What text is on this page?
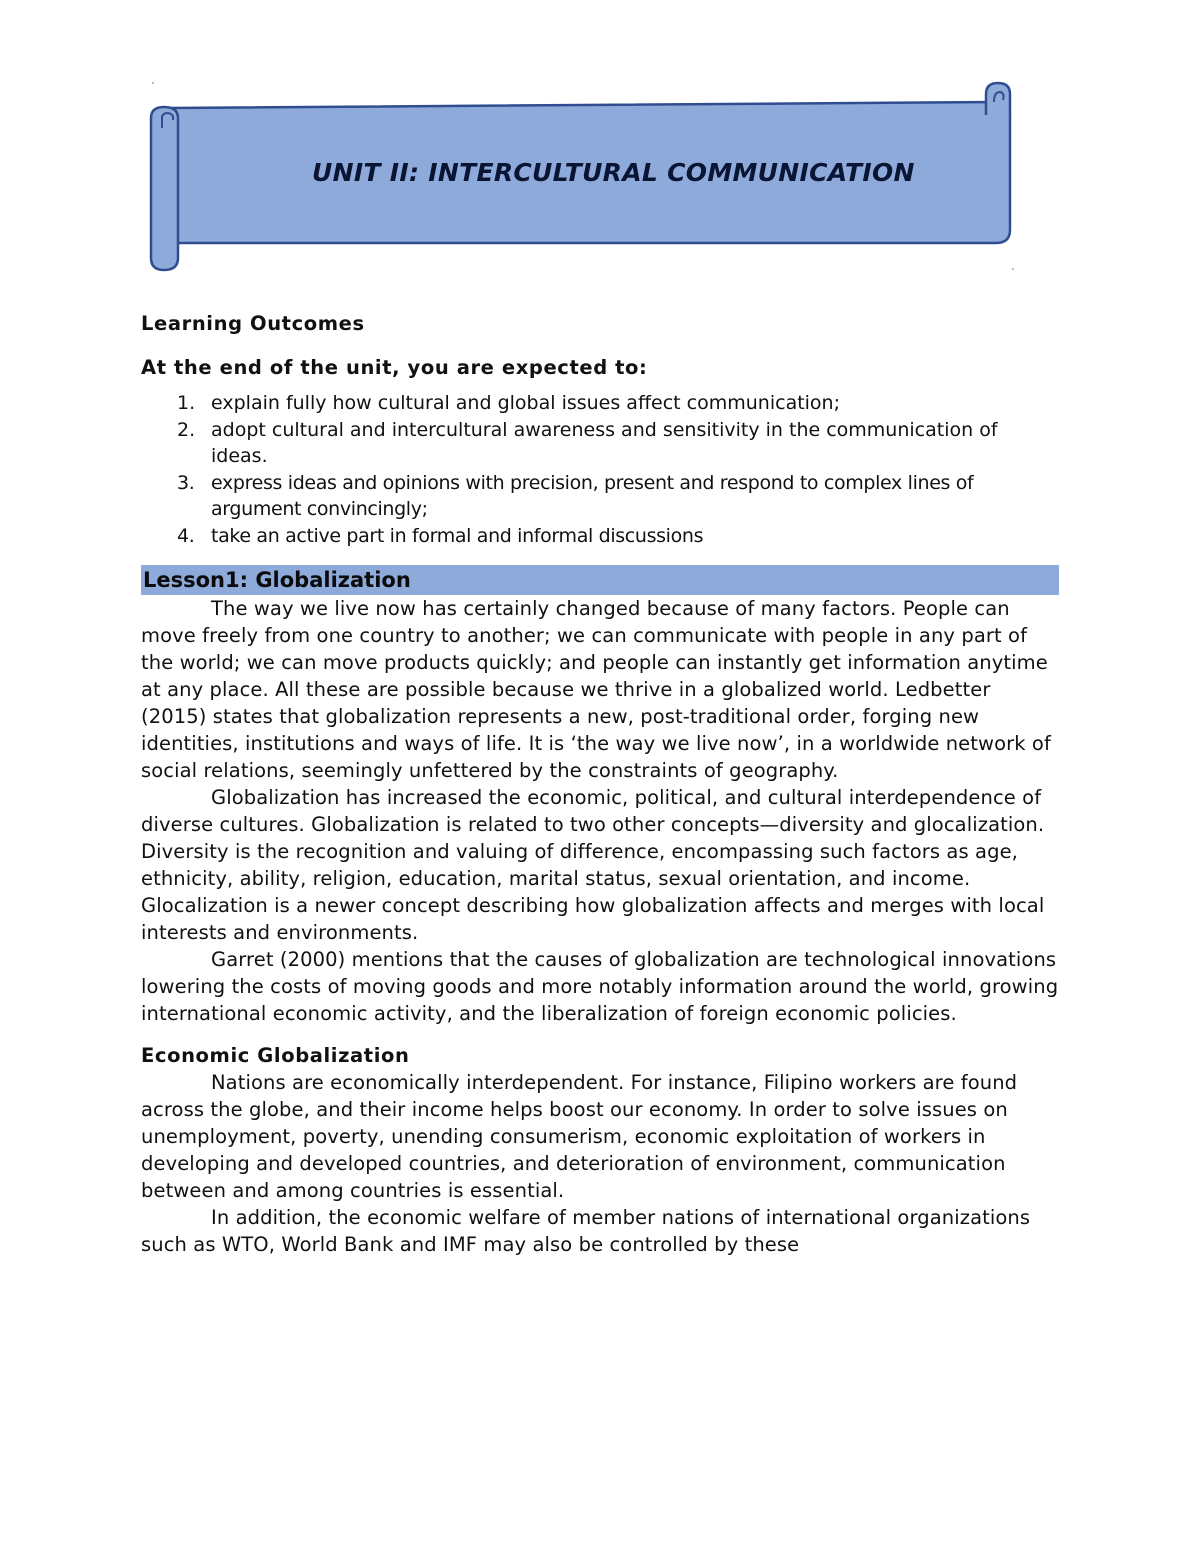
UNIT II: INTERCULTURAL COMMUNICATION
Learning Outcomes
At the end of the unit, you are expected to:
1. explain fully how cultural and global issues affect communication;
2. adopt cultural and intercultural awareness and sensitivity in the communication of ideas.
3. express ideas and opinions with precision, present and respond to complex lines of argument convincingly;
4. take an active part in formal and informal discussions
Lesson1: Globalization

The way we live now has certainly changed because of many factors. People can move freely from one country to another; we can communicate with people in any part of the world; we can move products quickly; and people can instantly get information anytime at any place. All these are possible because we thrive in a globalized world. Ledbetter (2015) states that globalization represents a new, post-traditional order, forging new identities, institutions and ways of life. It is ‘the way we live now’, in a worldwide network of social relations, seemingly unfettered by the constraints of geography.

Globalization has increased the economic, political, and cultural interdependence of diverse cultures. Globalization is related to two other concepts—diversity and glocalization. Diversity is the recognition and valuing of difference, encompassing such factors as age, ethnicity, ability, religion, education, marital status, sexual orientation, and income. Glocalization is a newer concept describing how globalization affects and merges with local interests and environments.

Garret (2000) mentions that the causes of globalization are technological innovations lowering the costs of moving goods and more notably information around the world, growing international economic activity, and the liberalization of foreign economic policies.

Economic Globalization

Nations are economically interdependent. For instance, Filipino workers are found across the globe, and their income helps boost our economy. In order to solve issues on unemployment, poverty, unending consumerism, economic exploitation of workers in developing and developed countries, and deterioration of environment, communication between and among countries is essential.

In addition, the economic welfare of member nations of international organizations such as WTO, World Bank and IMF may also be controlled by these
